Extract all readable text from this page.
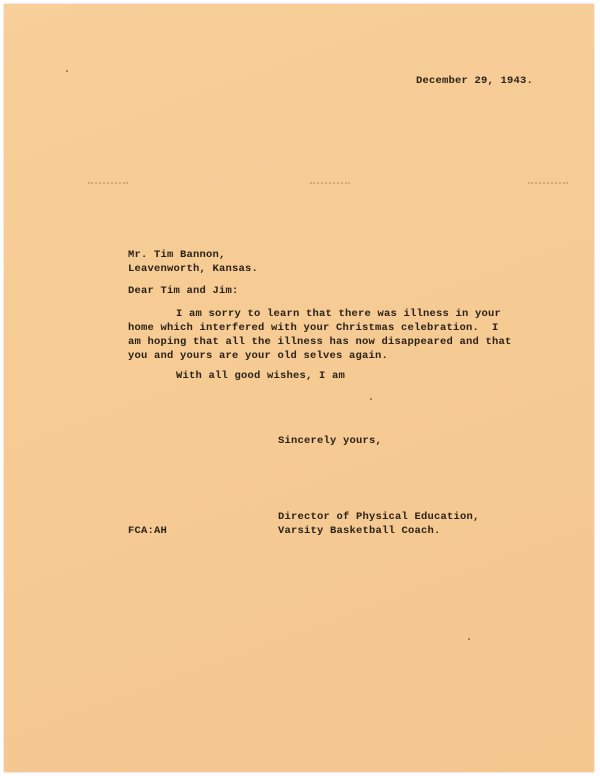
December 29, 1943.
Mr. Tim Bannon,
Leavenworth, Kansas.
Dear Tim and Jim:
I am sorry to learn that there was illness in your
home which interfered with your Christmas celebration.  I
am hoping that all the illness has now disappeared and that
you and yours are your old selves again.
With all good wishes, I am
Sincerely yours,
Director of Physical Education,
Varsity Basketball Coach.
FCA:AH
